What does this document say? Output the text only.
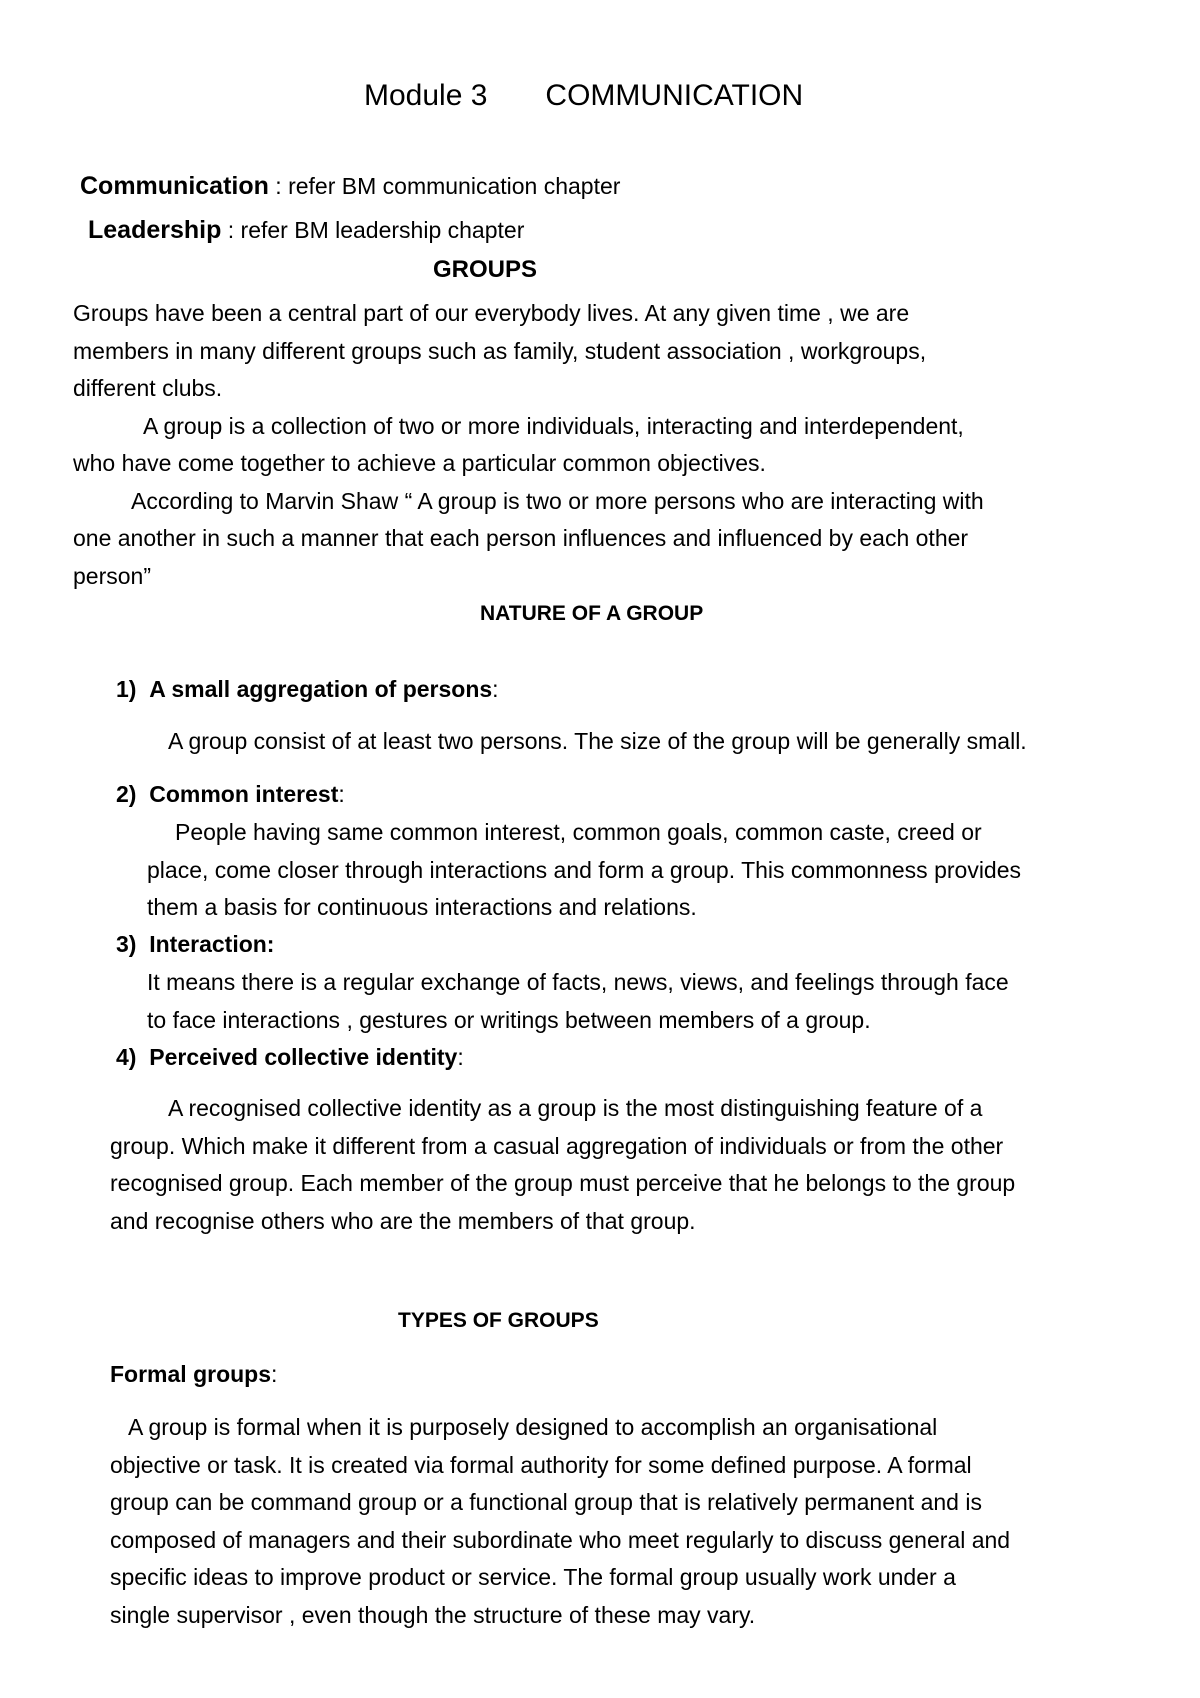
Module 3 COMMUNICATION
Communication : refer BM communication chapter
Leadership : refer BM leadership chapter
GROUPS
Groups have been a central part of our everybody lives. At any given time , we are
members in many different groups such as family, student association , workgroups,
different clubs.
A group is a collection of two or more individuals, interacting and interdependent,
who have come together to achieve a particular common objectives.
According to Marvin Shaw “ A group is two or more persons who are interacting with
one another in such a manner that each person influences and influenced by each other
person”
NATURE OF A GROUP
1) A small aggregation of persons:
A group consist of at least two persons. The size of the group will be generally small.
2) Common interest:
People having same common interest, common goals, common caste, creed or
place, come closer through interactions and form a group. This commonness provides
them a basis for continuous interactions and relations.
3) Interaction:
It means there is a regular exchange of facts, news, views, and feelings through face
to face interactions , gestures or writings between members of a group.
4) Perceived collective identity:
A recognised collective identity as a group is the most distinguishing feature of a
group. Which make it different from a casual aggregation of individuals or from the other
recognised group. Each member of the group must perceive that he belongs to the group
and recognise others who are the members of that group.
TYPES OF GROUPS
Formal groups:
A group is formal when it is purposely designed to accomplish an organisational
objective or task. It is created via formal authority for some defined purpose. A formal
group can be command group or a functional group that is relatively permanent and is
composed of managers and their subordinate who meet regularly to discuss general and
specific ideas to improve product or service. The formal group usually work under a
single supervisor , even though the structure of these may vary.
